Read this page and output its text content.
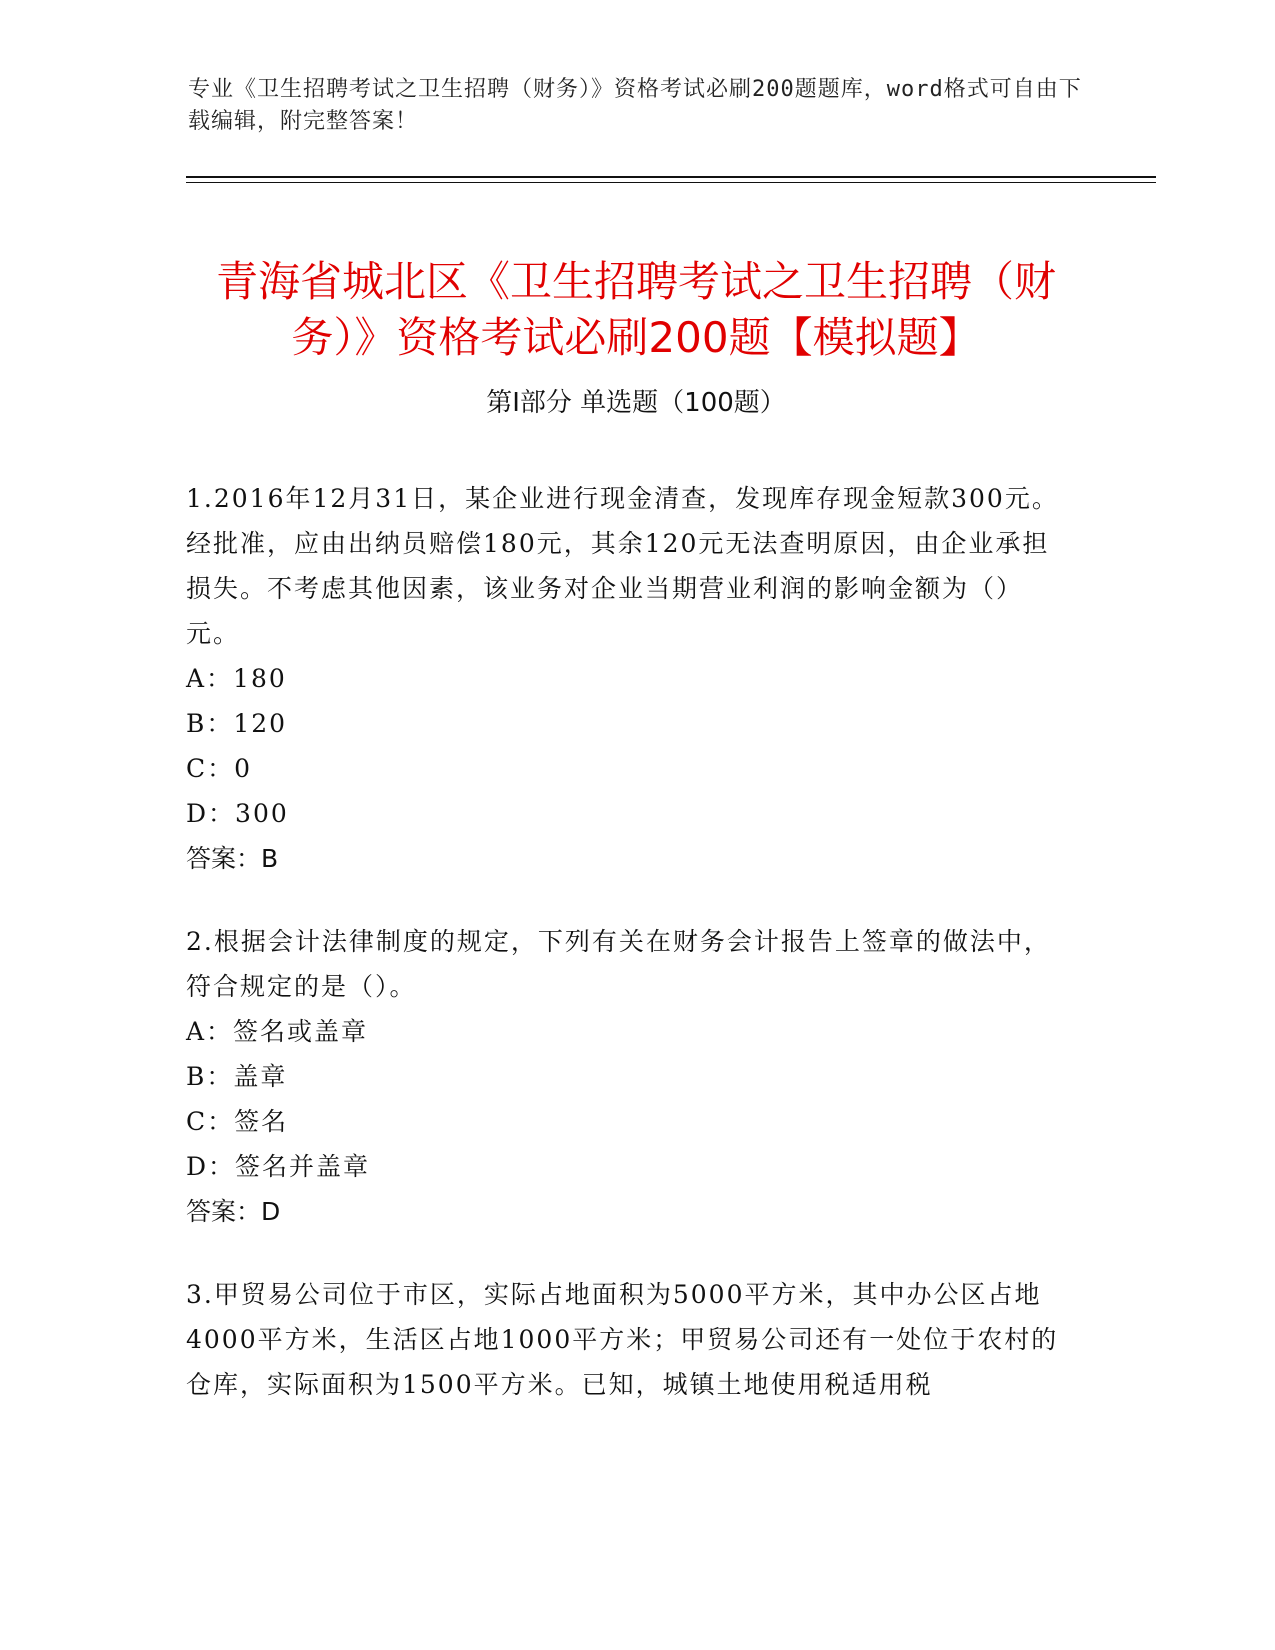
专业《卫生招聘考试之卫生招聘（财务）》资格考试必刷200题题库，word格式可自由下载编辑，附完整答案！
青海省城北区《卫生招聘考试之卫生招聘（财务）》资格考试必刷200题【模拟题】
第I部分 单选题（100题）

1.2016年12月31日，某企业进行现金清查，发现库存现金短款300元。经批准，应由出纳员赔偿180元，其余120元无法查明原因，由企业承担损失。不考虑其他因素，该业务对企业当期营业利润的影响金额为（）元。

A：180

B：120

C：0

D：300

答案：B

2.根据会计法律制度的规定，下列有关在财务会计报告上签章的做法中，符合规定的是（）。

A：签名或盖章

B：盖章

C：签名

D：签名并盖章

答案：D

3.甲贸易公司位于市区，实际占地面积为5000平方米，其中办公区占地4000平方米，生活区占地1000平方米；甲贸易公司还有一处位于农村的仓库，实际面积为1500平方米。已知，城镇土地使用税适用税
